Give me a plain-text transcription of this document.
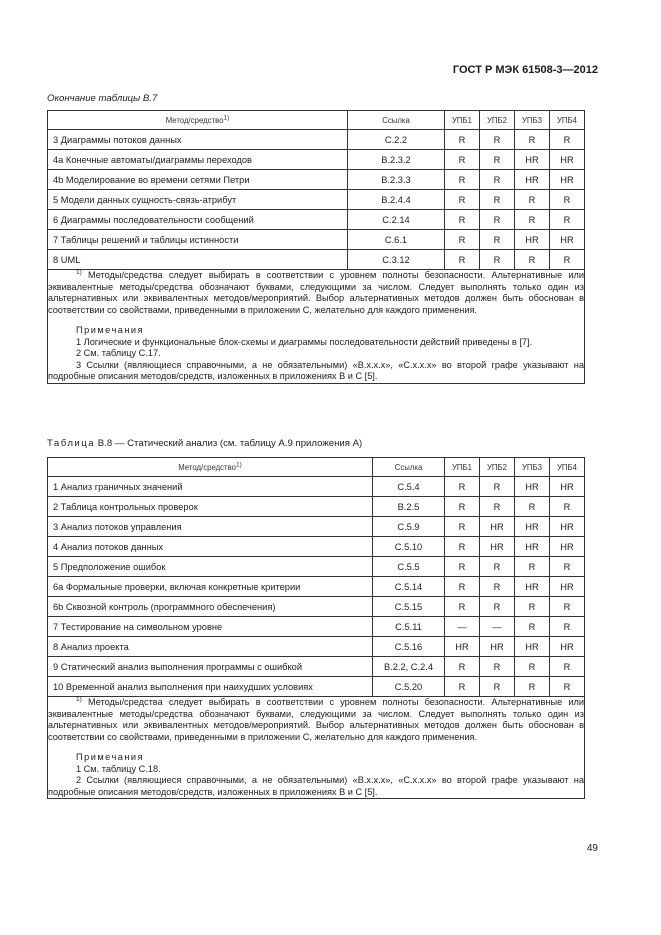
ГОСТ Р МЭК 61508-3—2012
Окончание таблицы В.7
Метод/средство$^{1)}$	Ссылка	УПБ1	УПБ2	УПБ3	УПБ4
3 Диаграммы потоков данных	С.2.2	R	R	R	R
4а Конечные автоматы/диаграммы переходов	В.2.3.2	R	R	HR	HR
4b Моделирование во времени сетями Петри	В.2.3.3	R	R	HR	HR
5 Модели данных сущность-связь-атрибут	В.2.4.4	R	R	R	R
6 Диаграммы последовательности сообщений	С.2.14	R	R	R	R
7 Таблицы решений и таблицы истинности	С.6.1	R	R	HR	HR
8 UML	С.3.12	R	R	R	R

$^{1)}$ Методы/средства следует выбирать в соответствии с уровнем полноты безопасности. Альтернативные или эквивалентные методы/средства обозначают буквами, следующими за числом. Следует выполнять только один из альтернативных или эквивалентных методов/мероприятий. Выбор альтернативных методов должен быть обоснован в соответствии со свойствами, приведенными в приложении С, желательно для каждого применения.

Примечания

1 Логические и функциональные блок-схемы и диаграммы последовательности действий приведены в [7].

2 См. таблицу С.17.

3 Ссылки (являющиеся справочными, а не обязательными) «В.х.х.х», «С.х.х.х» во второй графе указывают на подробные описания методов/средств, изложенных в приложениях В и С [5].					

Таблица В.8 — Статический анализ (см. таблицу А.9 приложения А)
Метод/средство$^{1)}$	Ссылка	УПБ1	УПБ2	УПБ3	УПБ4
1 Анализ граничных значений	С.5.4	R	R	HR	HR
2 Таблица контрольных проверок	В.2.5	R	R	R	R
3 Анализ потоков управления	С.5.9	R	HR	HR	HR
4 Анализ потоков данных	С.5.10	R	HR	HR	HR
5 Предположение ошибок	С.5.5	R	R	R	R
6а Формальные проверки, включая конкретные критерии	С.5.14	R	R	HR	HR
6b Сквозной контроль (программного обеспечения)	С.5.15	R	R	R	R
7 Тестирование на символьном уровне	С.5.11	—	—	R	R
8 Анализ проекта	С.5.16	HR	HR	HR	HR
9 Статический анализ выполнения программы с ошибкой	В.2.2, С.2.4	R	R	R	R
10 Временной анализ выполнения при наихудших условиях	С.5.20	R	R	R	R

$^{1)}$ Методы/средства следует выбирать в соответствии с уровнем полноты безопасности. Альтернативные или эквивалентные методы/средства обозначают буквами, следующими за числом. Следует выполнять только один из альтернативных или эквивалентных методов/мероприятий. Выбор альтернативных методов должен быть обоснован в соответствии со свойствами, приведенными в приложении С, желательно для каждого применения.

Примечания

1 См. таблицу С.18.

2 Ссылки (являющиеся справочными, а не обязательными) «В.х.х.х», «С.х.х.х» во второй графе указывают на подробные описания методов/средств, изложенных в приложениях В и С [5].					

49
